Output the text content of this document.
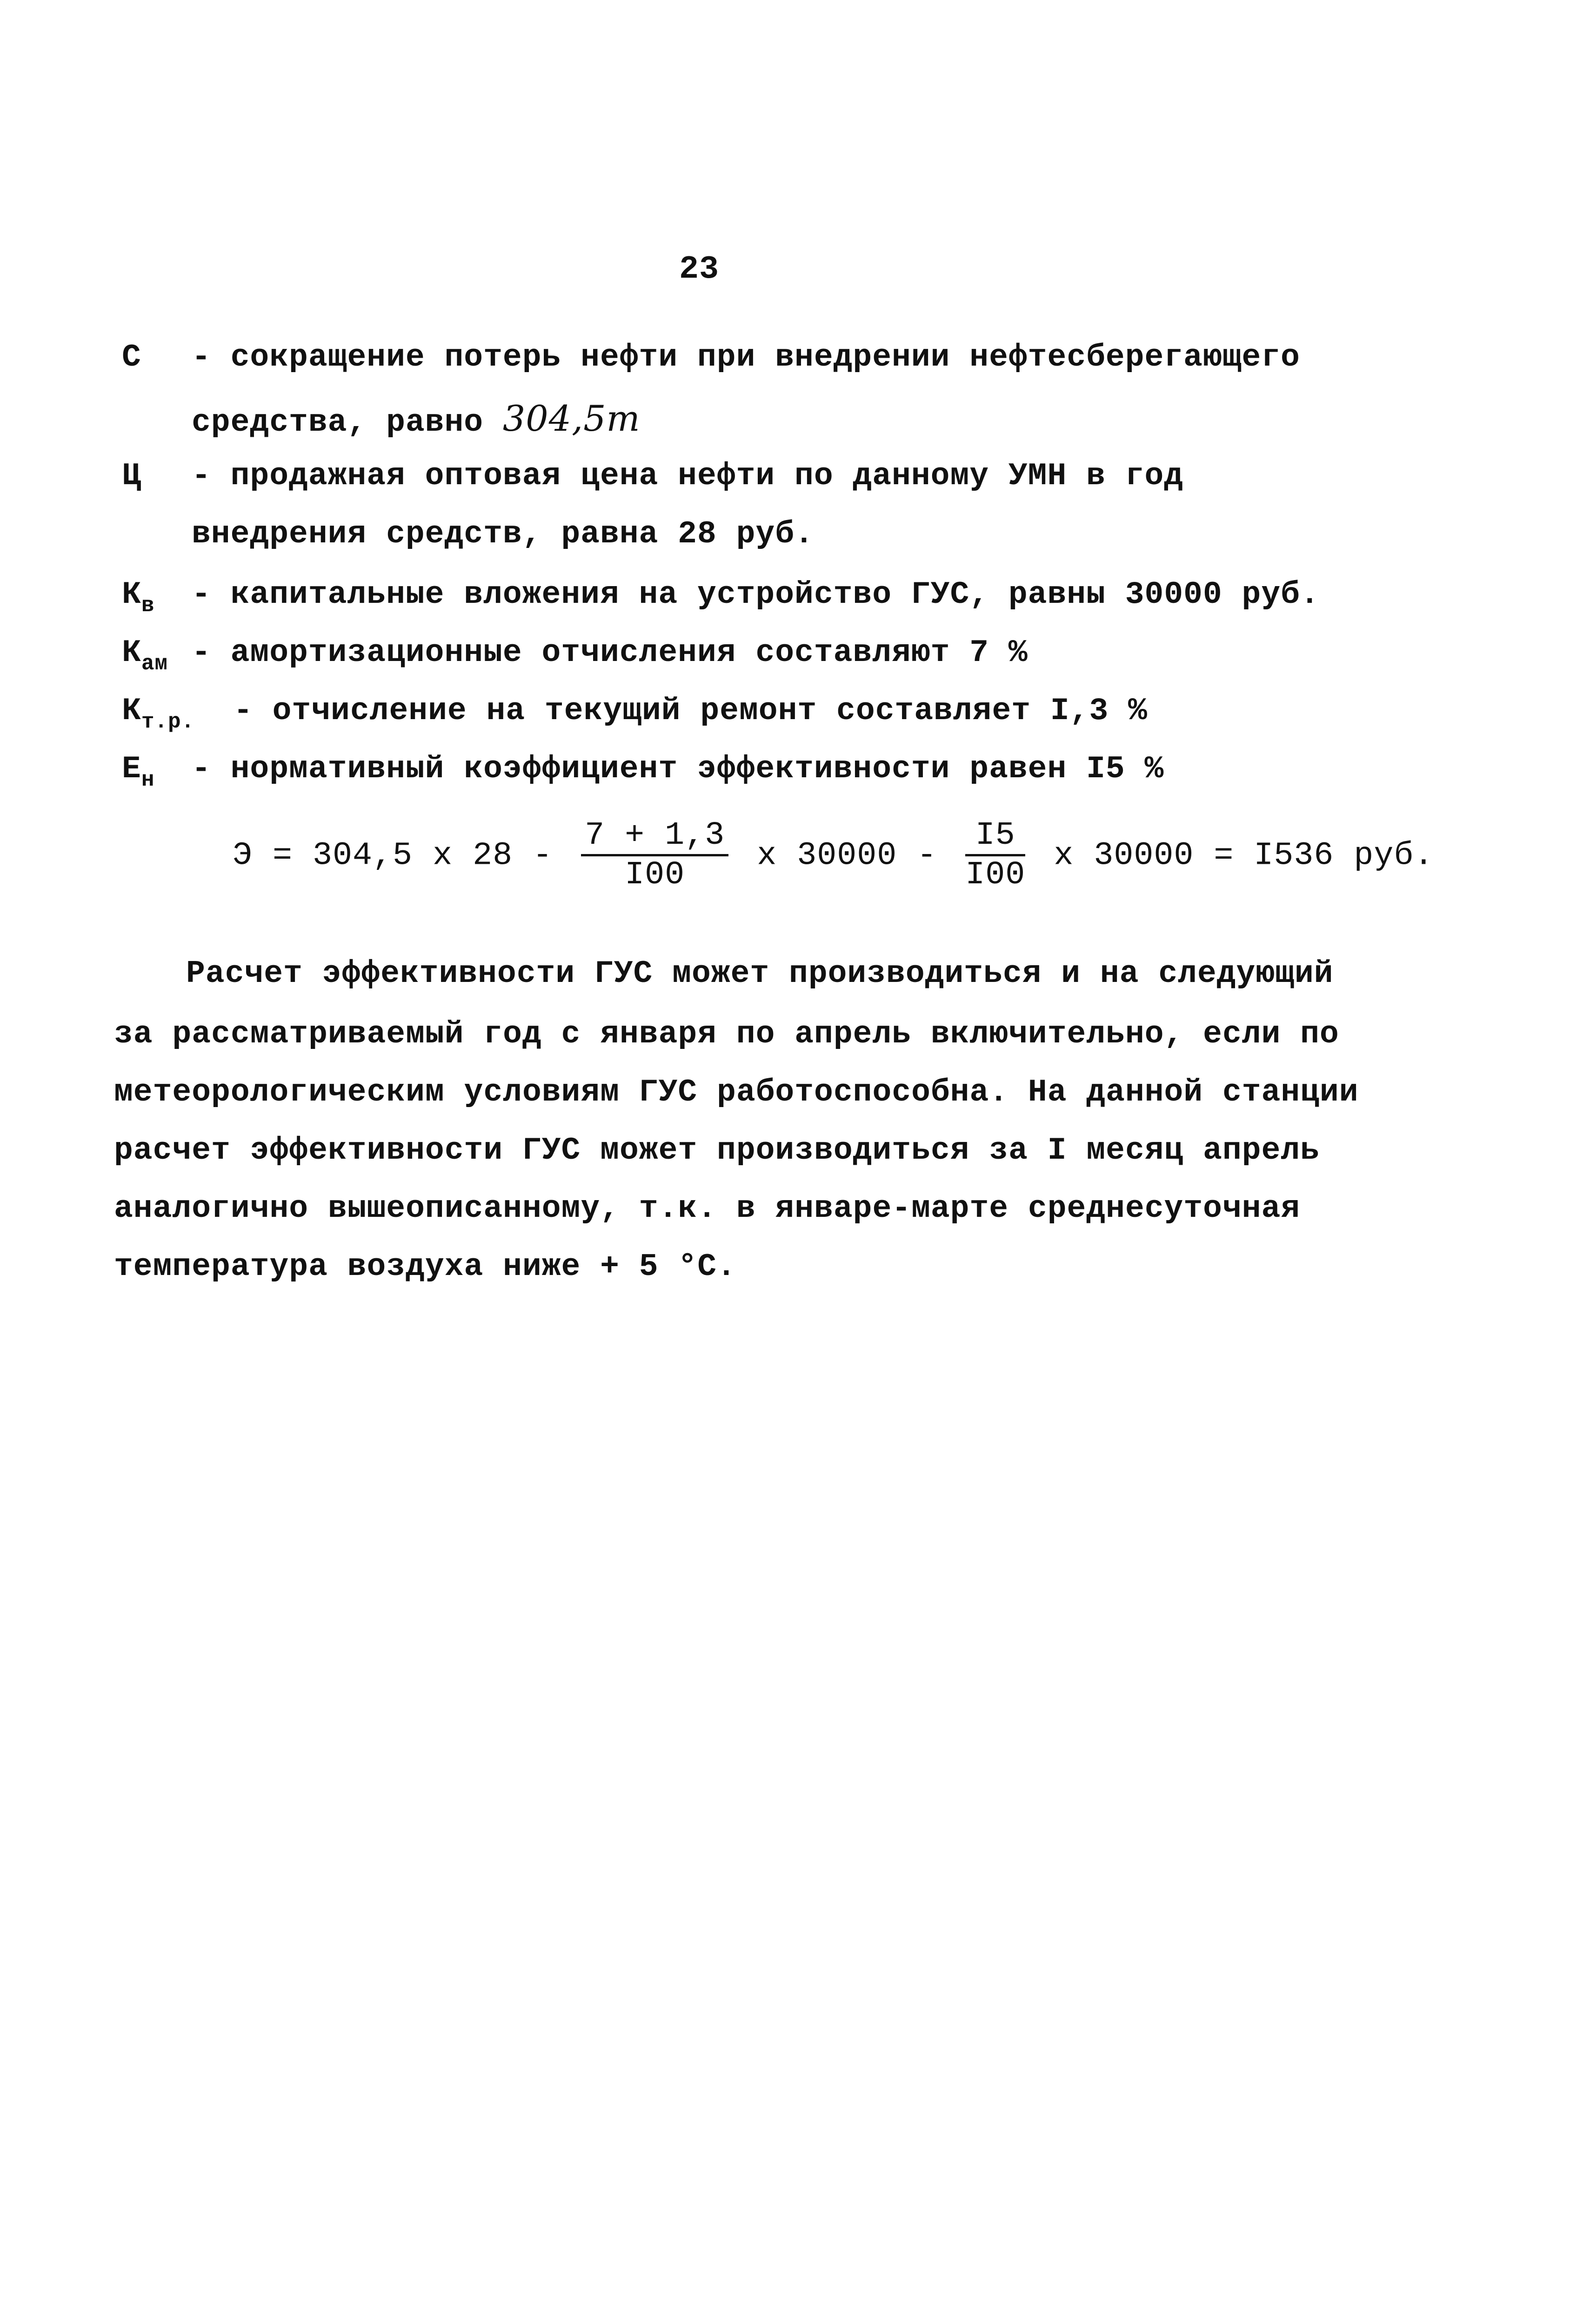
23
С - сокращение потерь нефти при внедрении нефтесберегающего
средства, равно 304,5т
Ц - продажная оптовая цена нефти по данному УМН в год
внедрения средств, равна 28 руб.
$К_в$ - капитальные вложения на устройство ГУС, равны 30000 руб.
$К_{ам}$ - амортизационные отчисления составляют 7 %
$К_{т.р.}$ - отчисление на текущий ремонт составляет I,3 %
$Е_н$ - нормативный коэффициент эффективности равен I5 %
Э = 304,5 х $28 - \frac{7 + 1,3}{I00}$ х $30000 - \frac{I5}{I00}$ х 30000 = I536 руб.
Расчет эффективности ГУС может производиться и на следующий
за рассматриваемый год с января по апрель включительно, если по
метеорологическим условиям ГУС работоспособна. На данной станции
расчет эффективности ГУС может производиться за I месяц апрель
аналогично вышеописанному, т.к. в январе-марте среднесуточная
температура воздуха ниже + 5 °С.
